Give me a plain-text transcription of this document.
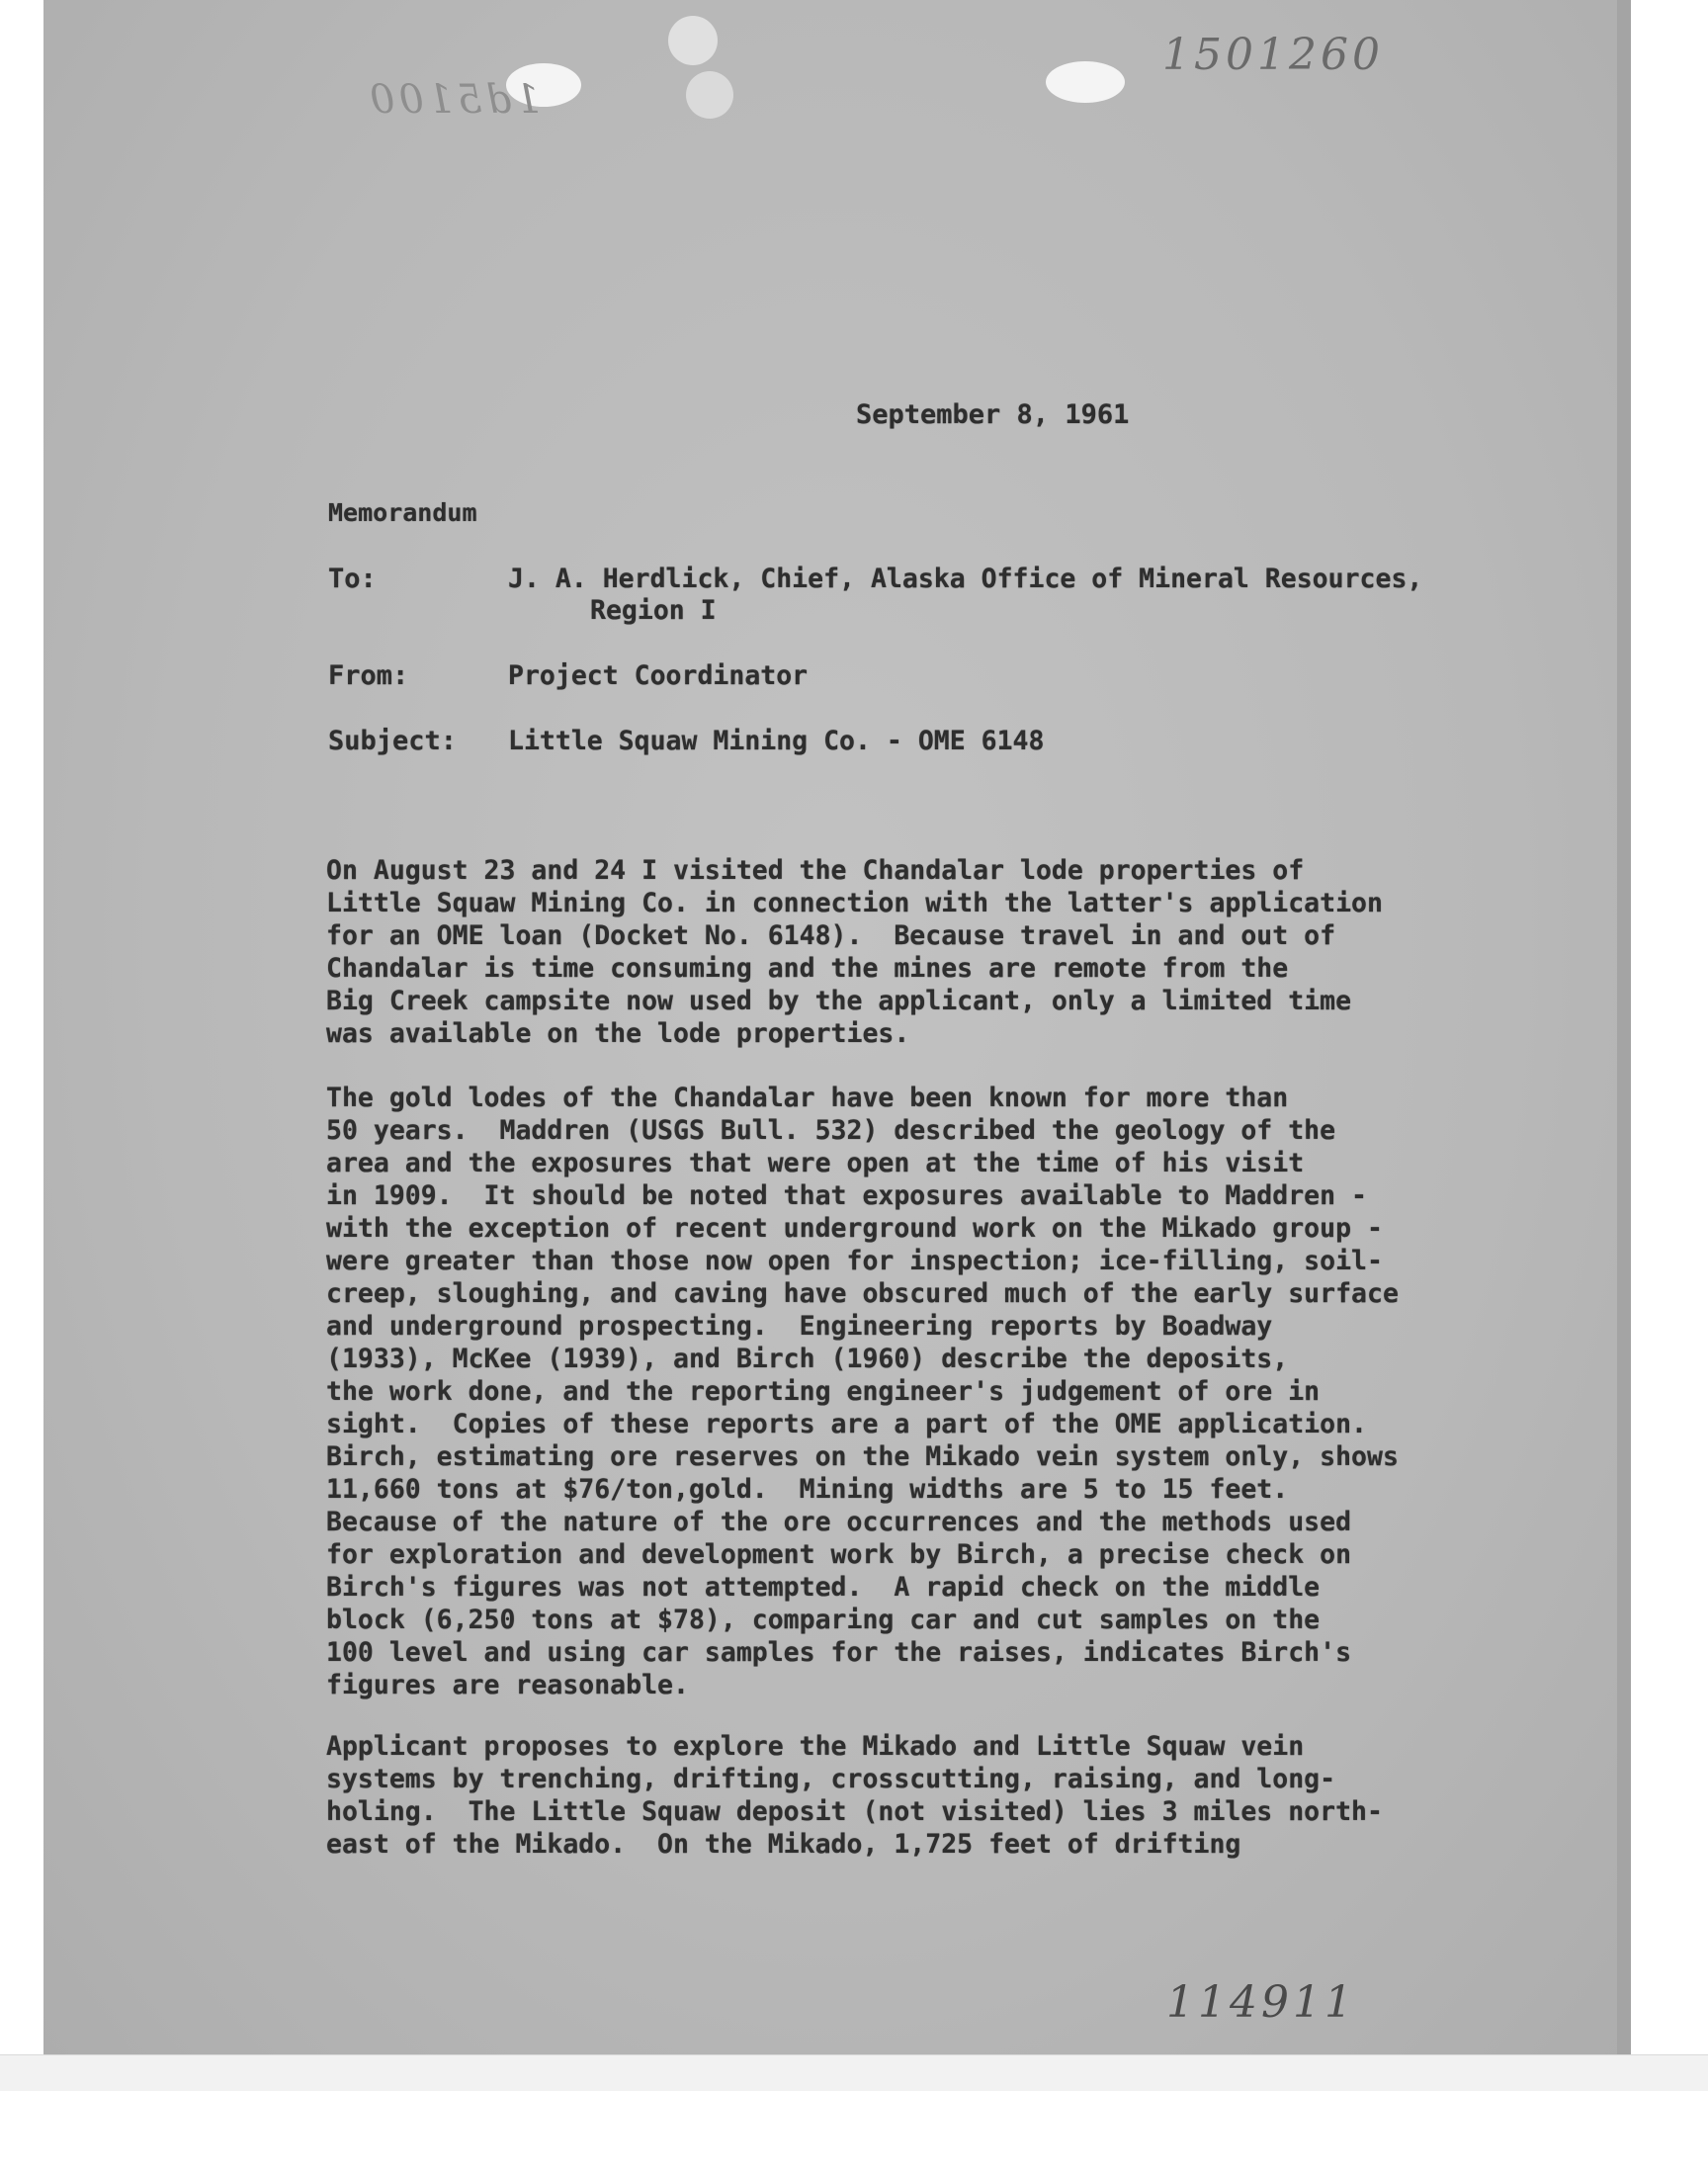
1501260
1d5100
114911
September 8, 1961
Memorandum
To:	J. A. Herdlick, Chief, Alaska Office of Mineral Resources,
Region I
From:	Project Coordinator
Subject: Little Squaw Mining Co. - OME 6148
On August 23 and 24 I visited the Chandalar lode properties of
Little Squaw Mining Co. in connection with the latter's application
for an OME loan (Docket No. 6148).  Because travel in and out of
Chandalar is time consuming and the mines are remote from the
Big Creek campsite now used by the applicant, only a limited time
was available on the lode properties.
The gold lodes of the Chandalar have been known for more than
50 years.  Maddren (USGS Bull. 532) described the geology of the
area and the exposures that were open at the time of his visit
in 1909.  It should be noted that exposures available to Maddren -
with the exception of recent underground work on the Mikado group -
were greater than those now open for inspection; ice-filling, soil-
creep, sloughing, and caving have obscured much of the early surface
and underground prospecting.  Engineering reports by Boadway
(1933), McKee (1939), and Birch (1960) describe the deposits,
the work done, and the reporting engineer's judgement of ore in
sight.  Copies of these reports are a part of the OME application.
Birch, estimating ore reserves on the Mikado vein system only, shows
11,660 tons at $76/ton,gold.  Mining widths are 5 to 15 feet.
Because of the nature of the ore occurrences and the methods used
for exploration and development work by Birch, a precise check on
Birch's figures was not attempted.  A rapid check on the middle
block (6,250 tons at $78), comparing car and cut samples on the
100 level and using car samples for the raises, indicates Birch's
figures are reasonable.
Applicant proposes to explore the Mikado and Little Squaw vein
systems by trenching, drifting, crosscutting, raising, and long-
holing.  The Little Squaw deposit (not visited) lies 3 miles north-
east of the Mikado.  On the Mikado, 1,725 feet of drifting
